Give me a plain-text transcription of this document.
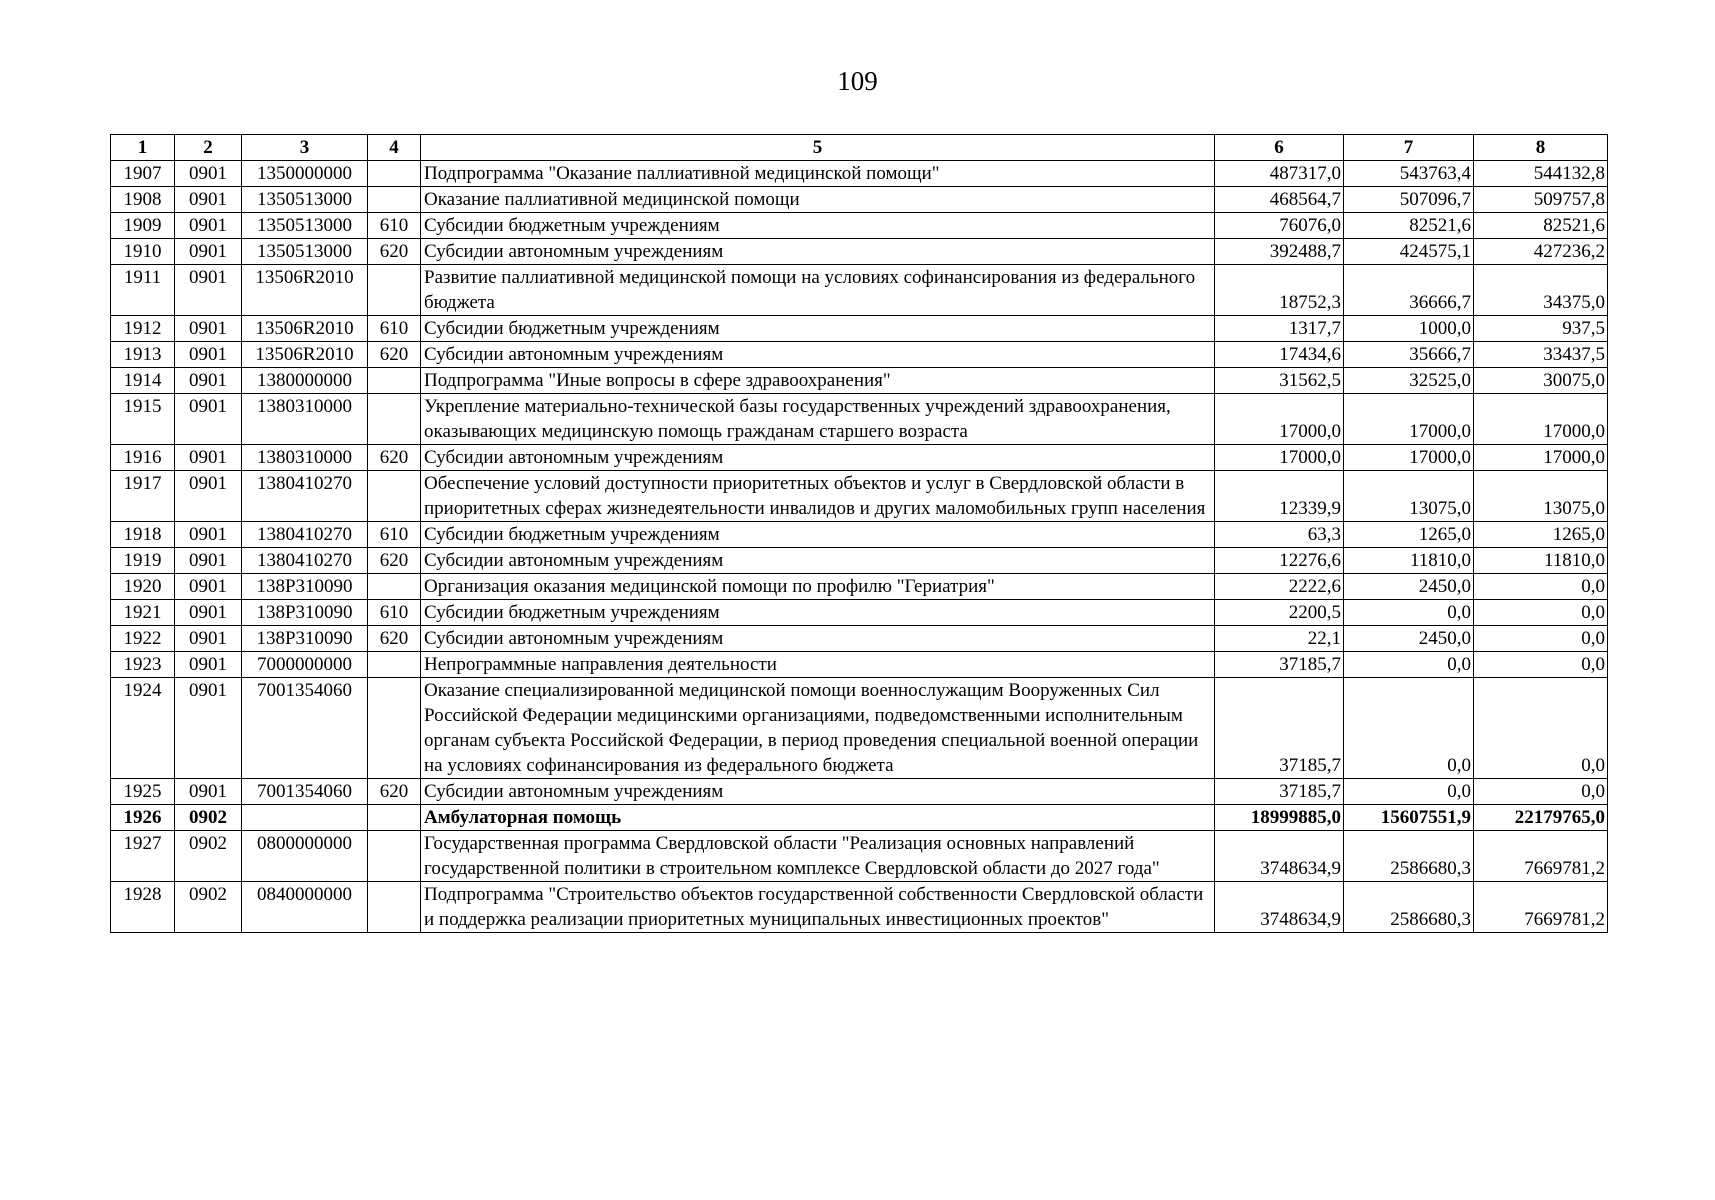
109
1	2	3	4	5	6	7	8
1907	0901	1350000000		Подпрограмма "Оказание паллиативной медицинской помощи"	487317,0	543763,4	544132,8
1908	0901	1350513000		Оказание паллиативной медицинской помощи	468564,7	507096,7	509757,8
1909	0901	1350513000	610	Субсидии бюджетным учреждениям	76076,0	82521,6	82521,6
1910	0901	1350513000	620	Субсидии автономным учреждениям	392488,7	424575,1	427236,2
1911	0901	13506R2010		Развитие паллиативной медицинской помощи на условиях софинансирования из федерального бюджета	18752,3	36666,7	34375,0
1912	0901	13506R2010	610	Субсидии бюджетным учреждениям	1317,7	1000,0	937,5
1913	0901	13506R2010	620	Субсидии автономным учреждениям	17434,6	35666,7	33437,5
1914	0901	1380000000		Подпрограмма "Иные вопросы в сфере здравоохранения"	31562,5	32525,0	30075,0
1915	0901	1380310000		Укрепление материально-технической базы государственных учреждений здравоохранения, оказывающих медицинскую помощь гражданам старшего возраста	17000,0	17000,0	17000,0
1916	0901	1380310000	620	Субсидии автономным учреждениям	17000,0	17000,0	17000,0
1917	0901	1380410270		Обеспечение условий доступности приоритетных объектов и услуг в Свердловской области в приоритетных сферах жизнедеятельности инвалидов и других маломобильных групп населения	12339,9	13075,0	13075,0
1918	0901	1380410270	610	Субсидии бюджетным учреждениям	63,3	1265,0	1265,0
1919	0901	1380410270	620	Субсидии автономным учреждениям	12276,6	11810,0	11810,0
1920	0901	138P310090		Организация оказания медицинской помощи по профилю "Гериатрия"	2222,6	2450,0	0,0
1921	0901	138P310090	610	Субсидии бюджетным учреждениям	2200,5	0,0	0,0
1922	0901	138P310090	620	Субсидии автономным учреждениям	22,1	2450,0	0,0
1923	0901	7000000000		Непрограммные направления деятельности	37185,7	0,0	0,0
1924	0901	7001354060		Оказание специализированной медицинской помощи военнослужащим Вооруженных Сил Российской Федерации медицинскими организациями, подведомственными исполнительным органам субъекта Российской Федерации, в период проведения специальной военной операции на условиях софинансирования из федерального бюджета	37185,7	0,0	0,0
1925	0901	7001354060	620	Субсидии автономным учреждениям	37185,7	0,0	0,0
1926	0902			Амбулаторная помощь	18999885,0	15607551,9	22179765,0
1927	0902	0800000000		Государственная программа Свердловской области "Реализация основных направлений государственной политики в строительном комплексе Свердловской области до 2027 года"	3748634,9	2586680,3	7669781,2
1928	0902	0840000000		Подпрограмма "Строительство объектов государственной собственности Свердловской области и поддержка реализации приоритетных муниципальных инвестиционных проектов"	3748634,9	2586680,3	7669781,2
